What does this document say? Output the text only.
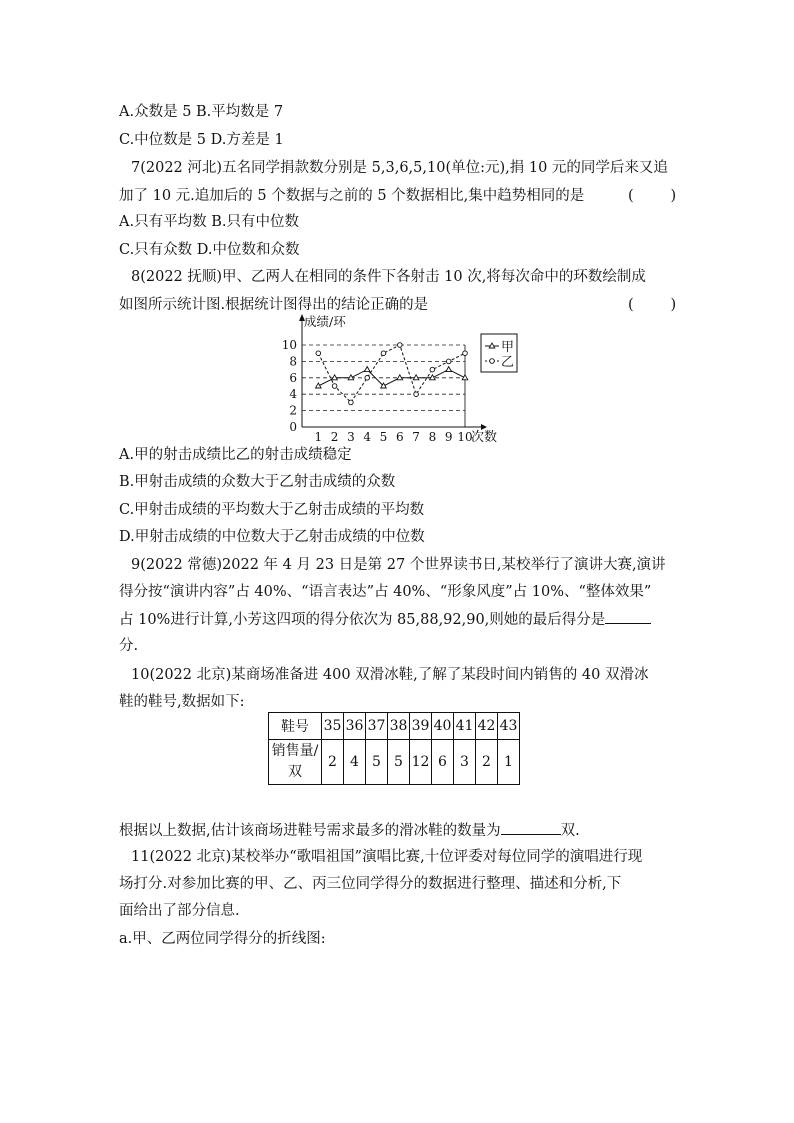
A.众数是 5 B.平均数是 7
C.中位数是 5 D.方差是 1
7(2022 河北)五名同学捐款数分别是 5,3,6,5,10(单位:元),捐 10 元的同学后来又追
加了 10 元.追加后的 5 个数据与之前的 5 个数据相比,集中趋势相同的是	(        )
A.只有平均数 B.只有中位数
C.只有众数 D.中位数和众数
8(2022 抚顺)甲、乙两人在相同的条件下各射击 10 次,将每次命中的环数绘制成
如图所示统计图.根据统计图得出的结论正确的是	(        )
0
2
4
6
8
10
1 2 3 4 5 6 7 8 9 10
成绩/环
次数
甲
乙
A.甲的射击成绩比乙的射击成绩稳定
B.甲射击成绩的众数大于乙射击成绩的众数
C.甲射击成绩的平均数大于乙射击成绩的平均数
D.甲射击成绩的中位数大于乙射击成绩的中位数
9(2022 常德)2022 年 4 月 23 日是第 27 个世界读书日,某校举行了演讲大赛,演讲
得分按“演讲内容”占 40%、“语言表达”占 40%、“形象风度”占 10%、“整体效果”
占 10%进行计算,小芳这四项的得分依次为 85,88,92,90,则她的最后得分是
分.
10(2022 北京)某商场准备进 400 双滑冰鞋,了解了某段时间内销售的 40 双滑冰
鞋的鞋号,数据如下:
鞋号	35	36	37	38	39	40	41	42	43

销售量/
双	2	4	5	5	12	6	3	2	1
根据以上数据,估计该商场进鞋号需求最多的滑冰鞋的数量为	双.
11(2022 北京)某校举办“歌唱祖国”演唱比赛,十位评委对每位同学的演唱进行现
场打分.对参加比赛的甲、乙、丙三位同学得分的数据进行整理、描述和分析,下
面给出了部分信息.
a.甲、乙两位同学得分的折线图:
